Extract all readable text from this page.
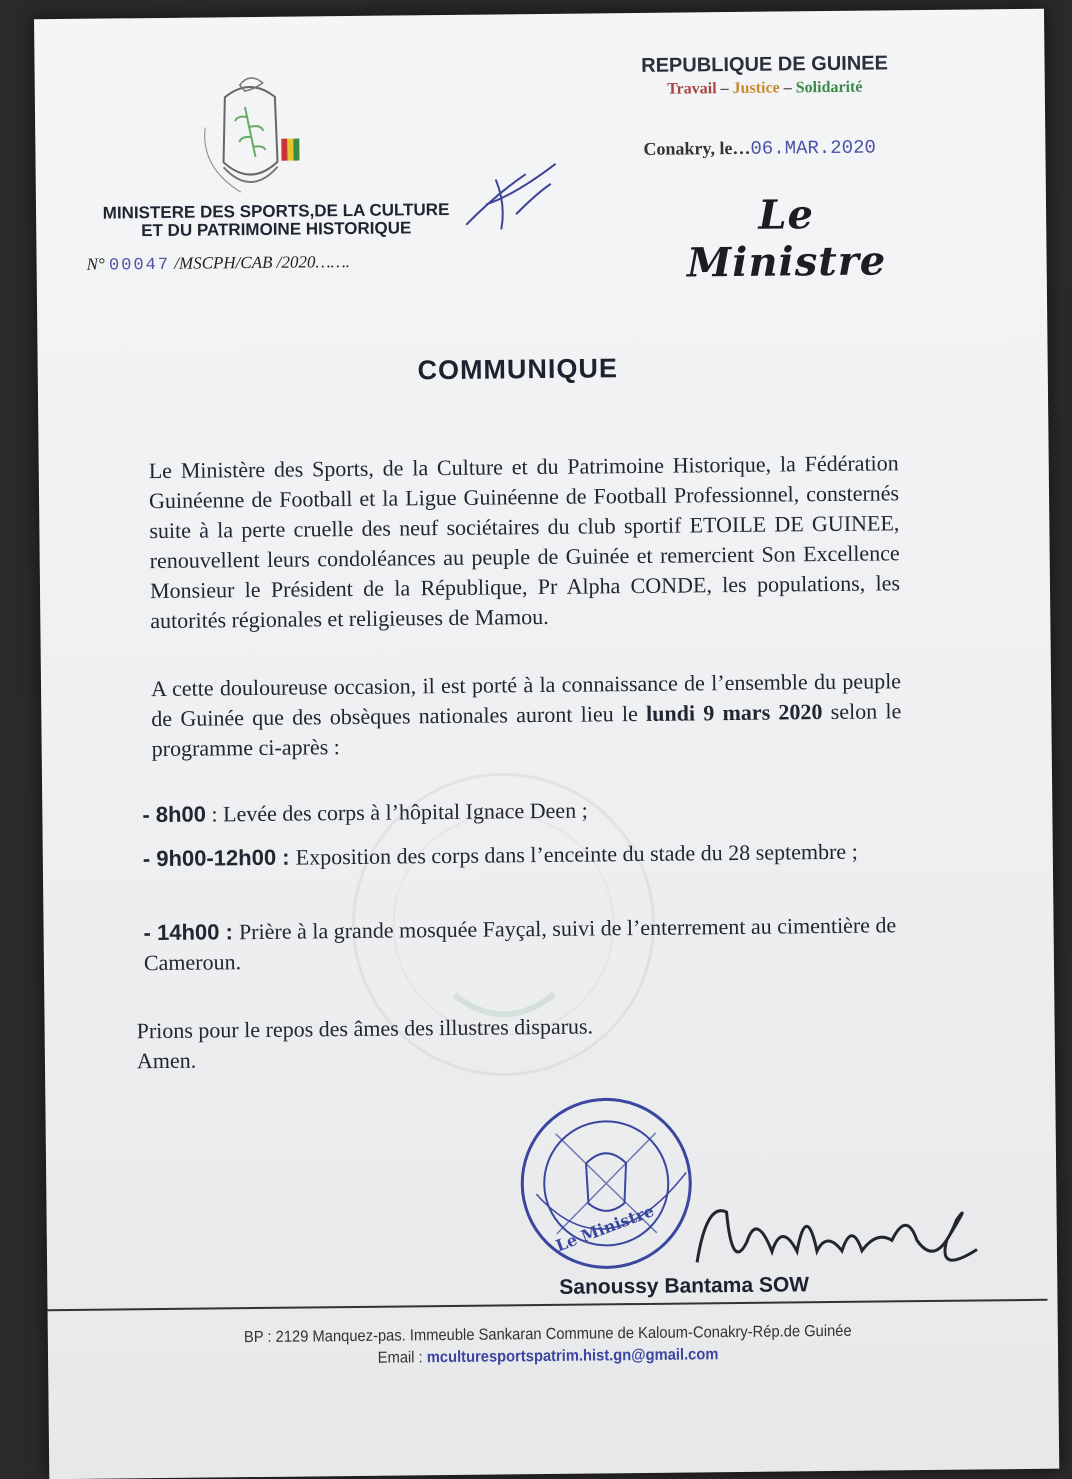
MINISTERE DES SPORTS,DE LA CULTURE
ET DU PATRIMOINE HISTORIQUE
N° 00047 /MSCPH/CAB /2020…….
REPUBLIQUE DE GUINEE
Travail – Justice – Solidarité
Conakry, le…06.MAR.2020
Le Ministre
COMMUNIQUE
Le Ministère des Sports, de la Culture et du Patrimoine Historique, la Fédération Guinéenne de Football et la Ligue Guinéenne de Football Professionnel, consternés suite à la perte cruelle des neuf sociétaires du club sportif ETOILE DE GUINEE, renouvellent leurs condoléances au peuple de Guinée et remercient Son Excellence Monsieur le Président de la République, Pr Alpha CONDE, les populations, les autorités régionales et religieuses de Mamou.
A cette douloureuse occasion, il est porté à la connaissance de l’ensemble du peuple de Guinée que des obsèques nationales auront lieu le lundi 9 mars 2020 selon le programme ci-après :
- 8h00 : Levée des corps à l’hôpital Ignace Deen ;
- 9h00-12h00 : Exposition des corps dans l’enceinte du stade du 28 septembre ;
- 14h00 : Prière à la grande mosquée Fayçal, suivi de l’enterrement au cimentière de Cameroun.
Prions pour le repos des âmes des illustres disparus.
Amen.
Le Ministre
Sanoussy Bantama SOW
BP : 2129 Manquez-pas. Immeuble Sankaran Commune de Kaloum-Conakry-Rép.de Guinée
Email : mculturesportspatrim.hist.gn@gmail.com
